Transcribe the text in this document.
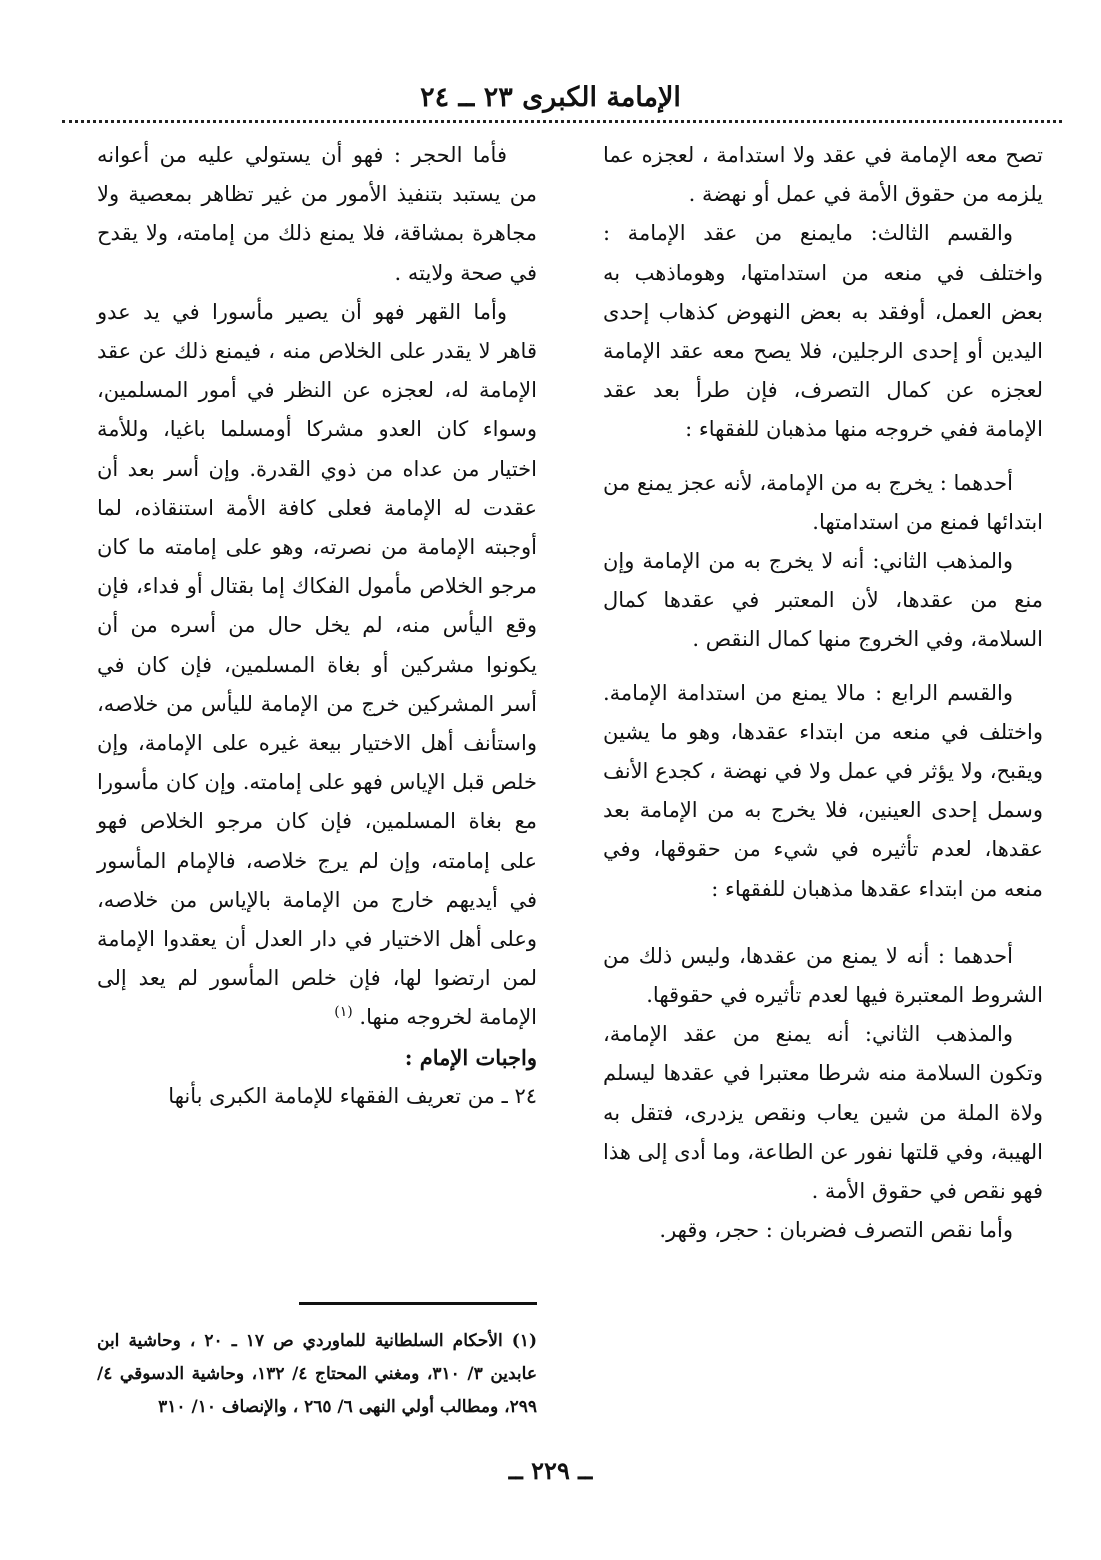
الإمامة الكبرى ٢٣ ــ ٢٤

تصح معه الإمامة في عقد ولا استدامة ، لعجزه عما يلزمه من حقوق الأمة في عمل أو نهضة .

والقسم الثالث: مايمنع من عقد الإمامة : واختلف في منعه من استدامتها، وهوماذهب به بعض العمل، أوفقد به بعض النهوض كذهاب إحدى اليدين أو إحدى الرجلين، فلا يصح معه عقد الإمامة لعجزه عن كمال التصرف، فإن طرأ بعد عقد الإمامة ففي خروجه منها مذهبان للفقهاء :

أحدهما : يخرج به من الإمامة، لأنه عجز يمنع من ابتدائها فمنع من استدامتها.

والمذهب الثاني: أنه لا يخرج به من الإمامة وإن منع من عقدها، لأن المعتبر في عقدها كمال السلامة، وفي الخروج منها كمال النقص .

والقسم الرابع : مالا يمنع من استدامة الإمامة. واختلف في منعه من ابتداء عقدها، وهو ما يشين ويقبح، ولا يؤثر في عمل ولا في نهضة ، كجدع الأنف وسمل إحدى العينين، فلا يخرج به من الإمامة بعد عقدها، لعدم تأثيره في شيء من حقوقها، وفي منعه من ابتداء عقدها مذهبان للفقهاء :

أحدهما : أنه لا يمنع من عقدها، وليس ذلك من الشروط المعتبرة فيها لعدم تأثيره في حقوقها.

والمذهب الثاني: أنه يمنع من عقد الإمامة، وتكون السلامة منه شرطا معتبرا في عقدها ليسلم ولاة الملة من شين يعاب ونقص يزدرى، فتقل به الهيبة، وفي قلتها نفور عن الطاعة، وما أدى إلى هذا فهو نقص في حقوق الأمة .

وأما نقص التصرف فضربان : حجر، وقهر.

فأما الحجر : فهو أن يستولي عليه من أعوانه من يستبد بتنفيذ الأمور من غير تظاهر بمعصية ولا مجاهرة بمشاقة، فلا يمنع ذلك من إمامته، ولا يقدح في صحة ولايته .

وأما القهر فهو أن يصير مأسورا في يد عدو قاهر لا يقدر على الخلاص منه ، فيمنع ذلك عن عقد الإمامة له، لعجزه عن النظر في أمور المسلمين، وسواء كان العدو مشركا أومسلما باغيا، وللأمة اختيار من عداه من ذوي القدرة. وإن أسر بعد أن عقدت له الإمامة فعلى كافة الأمة استنقاذه، لما أوجبته الإمامة من نصرته، وهو على إمامته ما كان مرجو الخلاص مأمول الفكاك إما بقتال أو فداء، فإن وقع اليأس منه، لم يخل حال من أسره من أن يكونوا مشركين أو بغاة المسلمين، فإن كان في أسر المشركين خرج من الإمامة لليأس من خلاصه، واستأنف أهل الاختيار بيعة غيره على الإمامة، وإن خلص قبل الإياس فهو على إمامته. وإن كان مأسورا مع بغاة المسلمين، فإن كان مرجو الخلاص فهو على إمامته، وإن لم يرج خلاصه، فالإمام المأسور في أيديهم خارج من الإمامة بالإياس من خلاصه، وعلى أهل الاختيار في دار العدل أن يعقدوا الإمامة لمن ارتضوا لها، فإن خلص المأسور لم يعد إلى الإمامة لخروجه منها. $^{(١)}$

واجبات الإمام :

٢٤ ـ من تعريف الفقهاء للإمامة الكبرى بأنها

(١) الأحكام السلطانية للماوردي ص ١٧ ـ ٢٠ ، وحاشية ابن عابدين ٣/ ٣١٠، ومغني المحتاج ٤/ ١٣٢، وحاشية الدسوقي ٤/ ٢٩٩، ومطالب أولي النهى ٦/ ٢٦٥ ، والإنصاف ١٠/ ٣١٠

ــ ٢٢٩ ــ
